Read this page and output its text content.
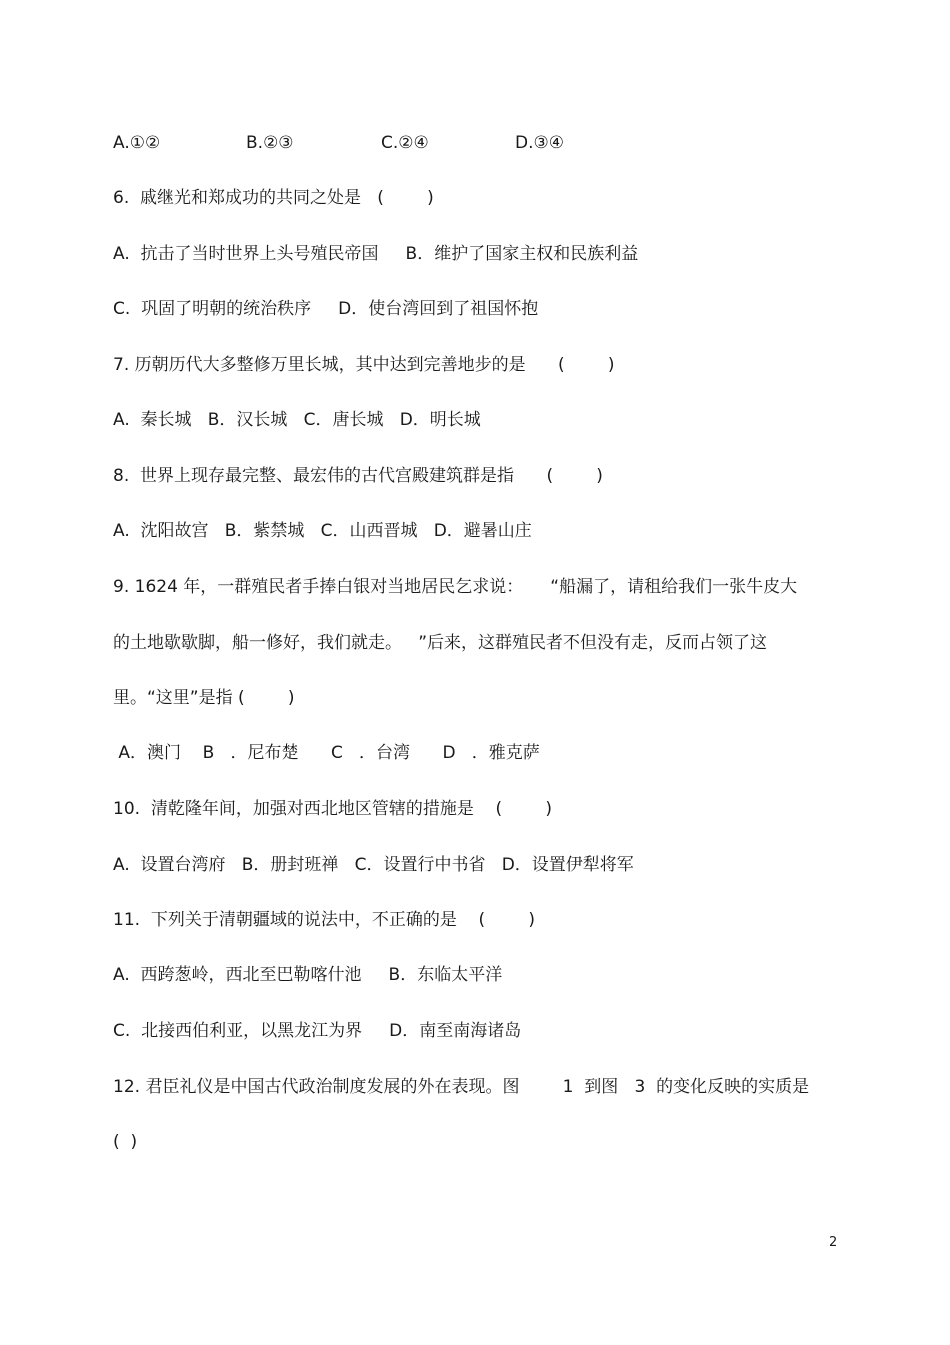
A.①②

	B.②③

	C.②④

	D.③④

6.  戚继光和郑成功的共同之处是   (        )
A.  抗击了当时世界上头号殖民帝国     B．维护了国家主权和民族利益
C.  巩固了明朝的统治秩序     D．使台湾回到了祖国怀抱
7. 历朝历代大多整修万里长城，其中达到完善地步的是      (        )
A.  秦长城   B．汉长城   C．唐长城   D．明长城
8.  世界上现存最完整、最宏伟的古代宫殿建筑群是指      (        )
A.  沈阳故宫   B．紫禁城   C．山西晋城   D．避暑山庄
9. 1624 年，一群殖民者手捧白银对当地居民乞求说：     “船漏了，请租给我们一张牛皮大
的土地歇歇脚，船一修好，我们就走。   ”后来，这群殖民者不但没有走，反而占领了这
里。“这里”是指 (        )
A．澳门    B   ．尼布楚      C   ．台湾      D   ．雅克萨
10.  清乾隆年间，加强对西北地区管辖的措施是    (        )
A.  设置台湾府   B．册封班禅   C．设置行中书省   D．设置伊犁将军
11.  下列关于清朝疆域的说法中，不正确的是    (        )
A.  西跨葱岭，西北至巴勒喀什池     B．东临太平洋
C.  北接西伯利亚，以黑龙江为界     D．南至南海诸岛
12. 君臣礼仪是中国古代政治制度发展的外在表现。图        1  到图   3  的变化反映的实质是
(  )
2
